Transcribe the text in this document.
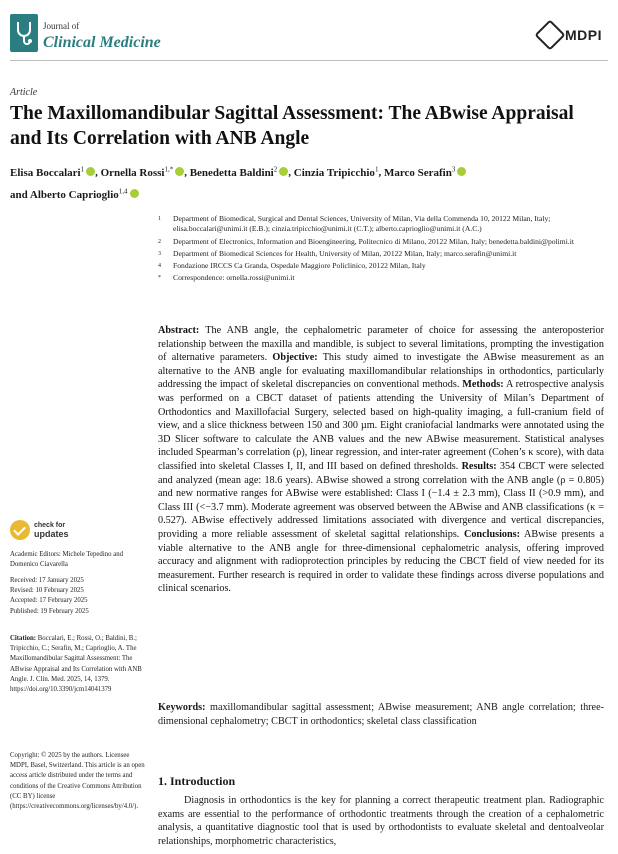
Journal of
Clinical Medicine	MDPI
Article
The Maxillomandibular Sagittal Assessment: The ABwise Appraisal and Its Correlation with ANB Angle
Elisa Boccalari$^1$ , Ornella Rossi$^{1,*}$ , Benedetta Baldini$^2$ , Cinzia Tripicchio$^1$, Marco Serafin$^3$
and Alberto Caprioglio$^{1,4}$
1	Department of Biomedical, Surgical and Dental Sciences, University of Milan, Via della Commenda 10, 20122 Milan, Italy; elisa.boccalari@unimi.it (E.B.); cinzia.tripicchio@unimi.it (C.T.); alberto.caprioglio@unimi.it (A.C.)
2	Department of Electronics, Information and Bioengineering, Politecnico di Milano, 20122 Milan, Italy; benedetta.baldini@polimi.it
3	Department of Biomedical Sciences for Health, University of Milan, 20122 Milan, Italy; marco.serafin@unimi.it
4	Fondazione IRCCS Ca Granda, Ospedale Maggiore Policlinico, 20122 Milan, Italy
*	Correspondence: ornella.rossi@unimi.it
Abstract: The ANB angle, the cephalometric parameter of choice for assessing the anteroposterior relationship between the maxilla and mandible, is subject to several limitations, prompting the investigation of alternative parameters. Objective: This study aimed to investigate the ABwise measurement as an alternative to the ANB angle for evaluating maxillomandibular relationships in orthodontics, particularly addressing the impact of skeletal discrepancies on conventional methods. Methods: A retrospective analysis was performed on a CBCT dataset of patients attending the University of Milan’s Department of Orthodontics and Maxillofacial Surgery, selected based on high-quality imaging, a full-cranium field of view, and a slice thickness between 150 and 300 µm. Eight craniofacial landmarks were annotated using the 3D Slicer software to calculate the ANB values and the new ABwise measurement. Statistical analyses included Spearman’s correlation (ρ), linear regression, and inter-rater agreement (Cohen’s κ score), with data classified into skeletal Classes I, II, and III based on defined thresholds. Results: 354 CBCT were selected and analyzed (mean age: 18.6 years). ABwise showed a strong correlation with the ANB angle (ρ = 0.805) and new normative ranges for ABwise were established: Class I (−1.4 ± 2.3 mm), Class II (>0.9 mm), and Class III (<−3.7 mm). Moderate agreement was observed between the ABwise and ANB classifications (κ = 0.527). ABwise effectively addressed limitations associated with divergence and vertical discrepancies, providing a more reliable assessment of skeletal sagittal relationships. Conclusions: ABwise presents a viable alternative to the ANB angle for three-dimensional cephalometric analysis, offering improved accuracy and alignment with radioprotection principles by reducing the CBCT field of view needed for its measurement. Further research is required in order to validate these findings across diverse populations and clinical scenarios.
Keywords: maxillomandibular sagittal assessment; ABwise measurement; ANB angle correlation; three-dimensional cephalometry; CBCT in orthodontics; skeletal class classification
check for
updates
Academic Editors: Michele Tepedino and Domenico Ciavarella
Received: 17 January 2025
Revised: 10 February 2025
Accepted: 17 February 2025
Published: 19 February 2025
Citation: Boccalari, E.; Rossi, O.; Baldini, B.; Tripicchio, C.; Serafin, M.; Caprioglio, A. The Maxillomandibular Sagittal Assessment: The ABwise Appraisal and Its Correlation with ANB Angle. J. Clin. Med. 2025, 14, 1379. https://doi.org/10.3390/jcm14041379
Copyright: © 2025 by the authors. Licensee MDPI, Basel, Switzerland. This article is an open access article distributed under the terms and conditions of the Creative Commons Attribution (CC BY) license (https://creativecommons.org/licenses/by/4.0/).
1. Introduction

Diagnosis in orthodontics is the key for planning a correct therapeutic treatment plan. Radiographic exams are essential to the performance of orthodontic treatments through the creation of a cephalometric analysis, a quantitative diagnostic tool that is used by orthodontists to evaluate skeletal and dentoalveolar relationships, morphometric characteristics,
